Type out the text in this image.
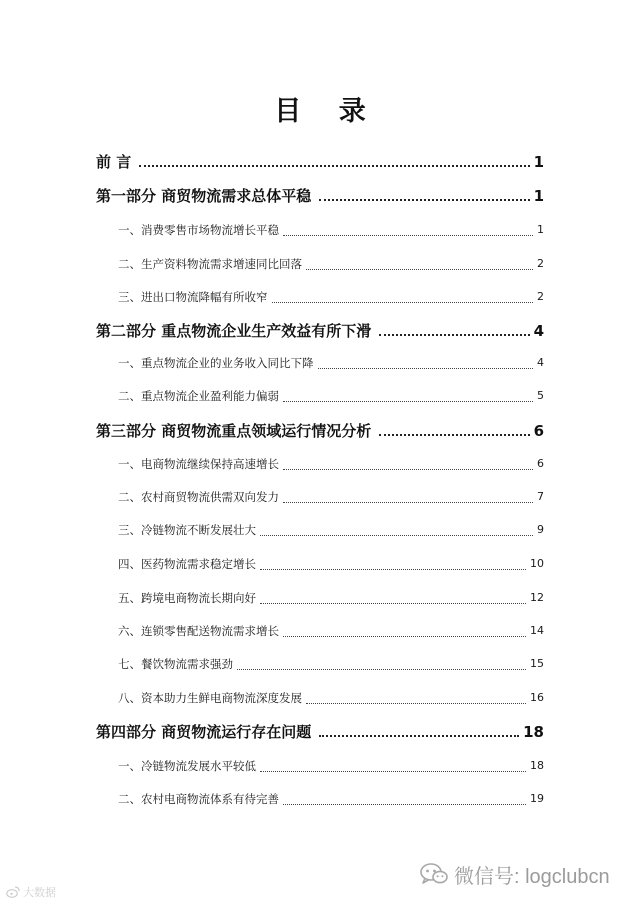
目 录
前 言	1
第一部分 商贸物流需求总体平稳	1
一、消费零售市场物流增长平稳	1
二、生产资料物流需求增速同比回落	2
三、进出口物流降幅有所收窄	2
第二部分 重点物流企业生产效益有所下滑	4
一、重点物流企业的业务收入同比下降	4
二、重点物流企业盈利能力偏弱	5
第三部分 商贸物流重点领域运行情况分析	6
一、电商物流继续保持高速增长	6
二、农村商贸物流供需双向发力	7
三、冷链物流不断发展壮大	9
四、医药物流需求稳定增长	10
五、跨境电商物流长期向好	12
六、连锁零售配送物流需求增长	14
七、餐饮物流需求强劲	15
八、资本助力生鲜电商物流深度发展	16
第四部分 商贸物流运行存在问题	18
一、冷链物流发展水平较低	18
二、农村电商物流体系有待完善	19
微信号: logclubcn
大数据
